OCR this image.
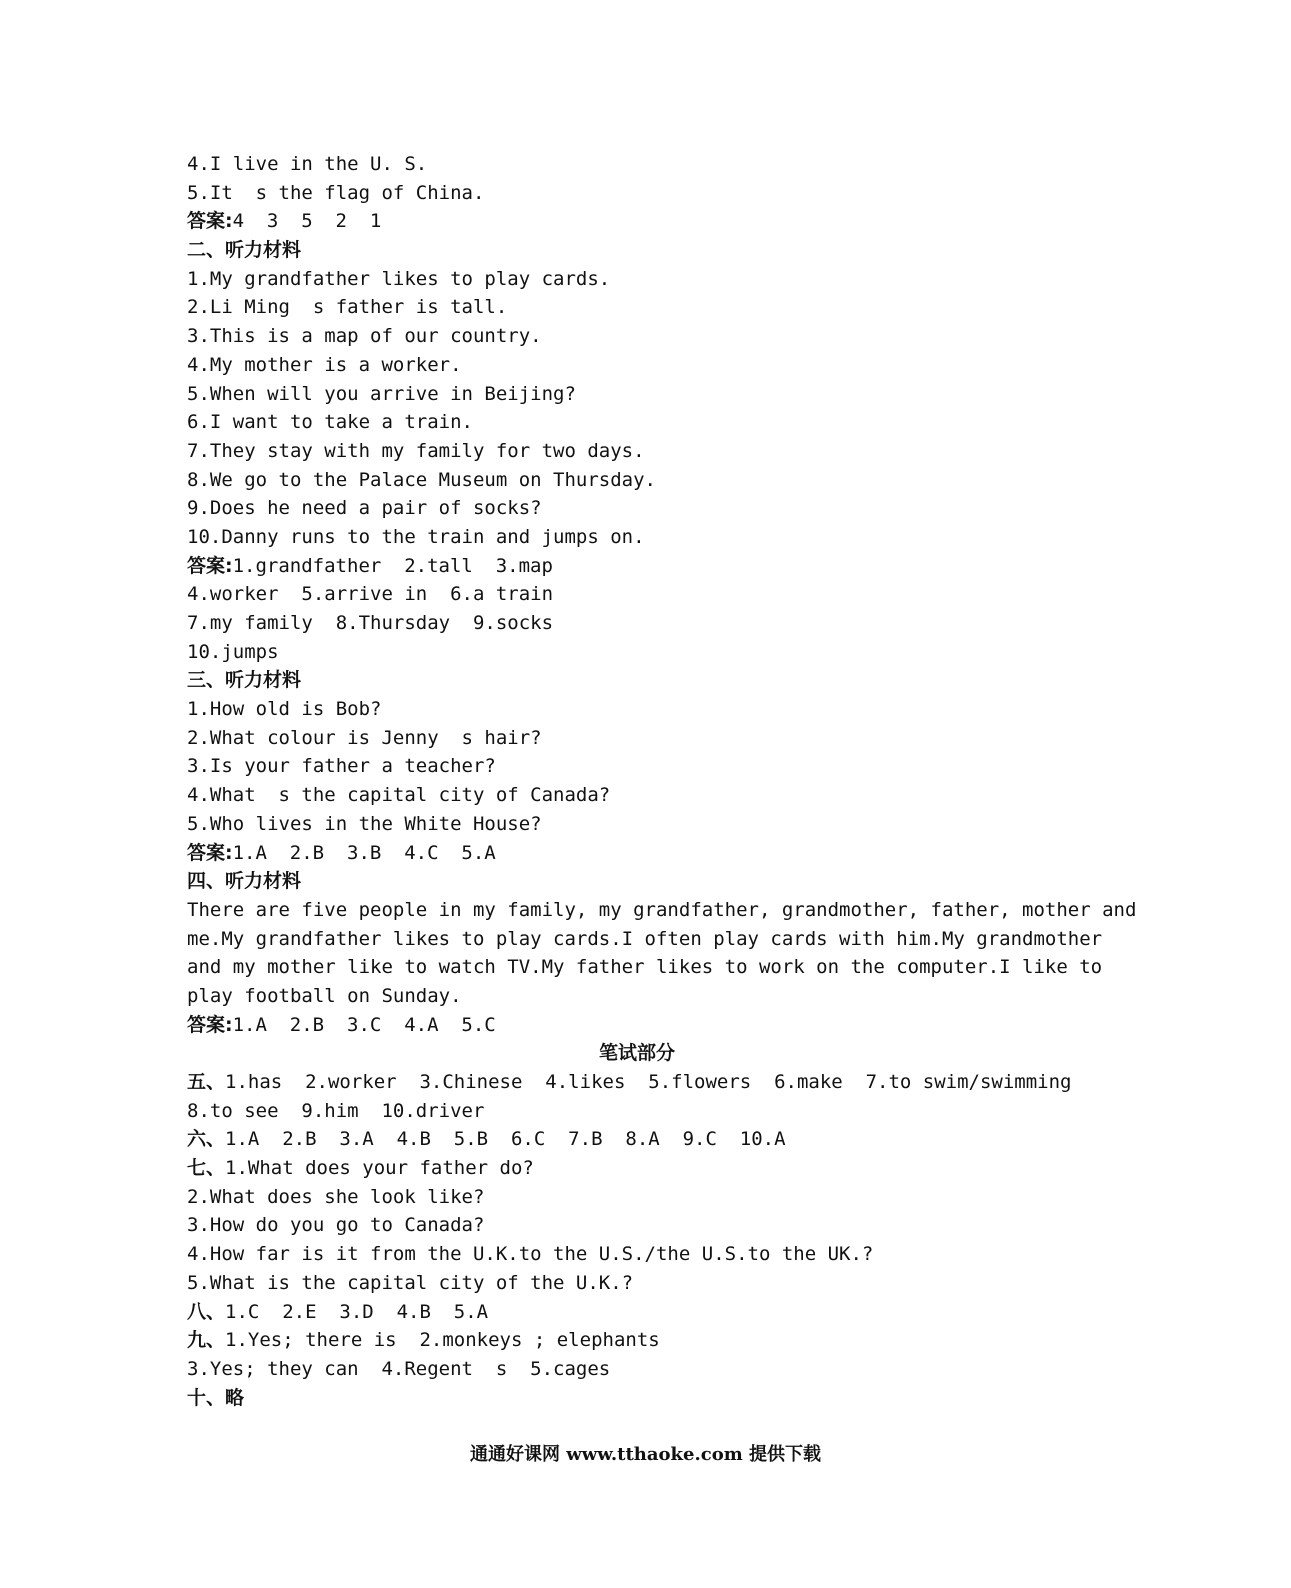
4.I live in the U. S.
5.It  s the flag of China.
答案:4  3  5  2  1
二、听力材料
1.My grandfather likes to play cards.
2.Li Ming  s father is tall.
3.This is a map of our country.
4.My mother is a worker.
5.When will you arrive in Beijing?
6.I want to take a train.
7.They stay with my family for two days.
8.We go to the Palace Museum on Thursday.
9.Does he need a pair of socks?
10.Danny runs to the train and jumps on.
答案:1.grandfather  2.tall  3.map
4.worker  5.arrive in  6.a train
7.my family  8.Thursday  9.socks
10.jumps
三、听力材料
1.How old is Bob?
2.What colour is Jenny  s hair?
3.Is your father a teacher?
4.What  s the capital city of Canada?
5.Who lives in the White House?
答案:1.A  2.B  3.B  4.C  5.A
四、听力材料
There are five people in my family, my grandfather, grandmother, father, mother and
me.My grandfather likes to play cards.I often play cards with him.My grandmother
and my mother like to watch TV.My father likes to work on the computer.I like to
play football on Sunday.
答案:1.A  2.B  3.C  4.A  5.C
笔试部分
五、1.has  2.worker  3.Chinese  4.likes  5.flowers  6.make  7.to swim/swimming
8.to see  9.him  10.driver
六、1.A  2.B  3.A  4.B  5.B  6.C  7.B  8.A  9.C  10.A
七、1.What does your father do?
2.What does she look like?
3.How do you go to Canada?
4.How far is it from the U.K.to the U.S./the U.S.to the UK.?
5.What is the capital city of the U.K.?
八、1.C  2.E  3.D  4.B  5.A
九、1.Yes; there is  2.monkeys ; elephants
3.Yes; they can  4.Regent  s  5.cages
十、略
通通好课网 www.tthaoke.com 提供下载
